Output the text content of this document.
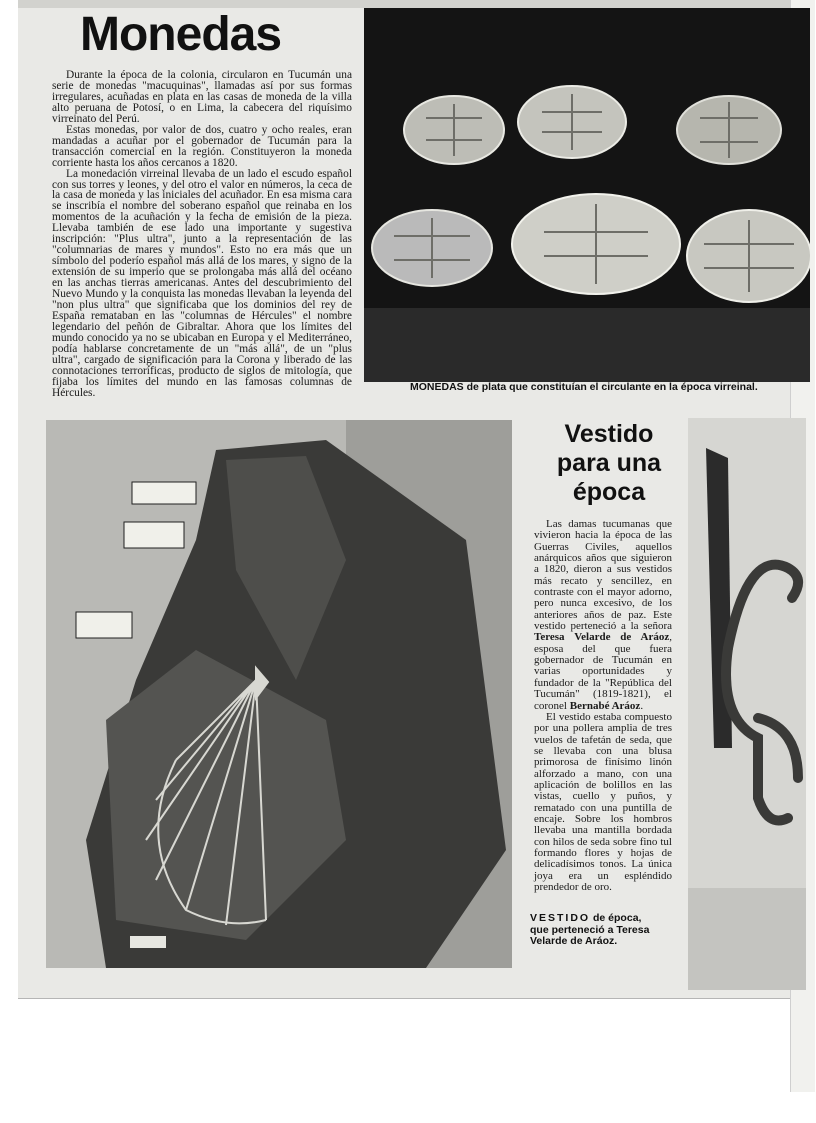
Monedas

Durante la época de la colonia, circularon en Tucumán una serie de monedas "macuquinas", llamadas así por sus formas irregulares, acuñadas en plata en las casas de moneda de la villa alto peruana de Potosí, o en Lima, la cabecera del riquísimo virreinato del Perú.

Estas monedas, por valor de dos, cuatro y ocho reales, eran mandadas a acuñar por el gobernador de Tucumán para la transacción comercial en la región. Constituyeron la moneda corriente hasta los años cercanos a 1820.

La monedación virreinal llevaba de un lado el escudo español con sus torres y leones, y del otro el valor en números, la ceca de la casa de moneda y las iniciales del acuñador. En esa misma cara se inscribía el nombre del soberano español que reinaba en los momentos de la acuñación y la fecha de emisión de la pieza. Llevaba también de ese lado una importante y sugestiva inscripción: "Plus ultra", junto a la representación de las "columnarias de mares y mundos". Esto no era más que un símbolo del poderío español más allá de los mares, y signo de la extensión de su imperio que se prolongaba más allá del océano en las anchas tierras americanas. Antes del descubrimiento del Nuevo Mundo y la conquista las monedas llevaban la leyenda del "non plus ultra" que significaba que los dominios del rey de España remataban en las "columnas de Hércules" el nombre legendario del peñón de Gibraltar. Ahora que los límites del mundo conocido ya no se ubicaban en Europa y el Mediterráneo, podía hablarse concretamente de un "más allá", de un "plus ultra", cargado de significación para la Corona y liberado de las connotaciones terroríficas, producto de siglos de mitología, que fijaba los límites del mundo en las famosas columnas de Hércules.	MONEDAS de plata que constituían el circulante en la época virreinal.
Vestido
para una
época

Las damas tucumanas que vivieron hacia la época de las Guerras Civiles, aquellos anárquicos años que siguieron a 1820, dieron a sus vestidos más recato y sencillez, en contraste con el mayor adorno, pero nunca excesivo, de los anteriores años de paz. Este vestido perteneció a la señora Teresa Velarde de Aráoz, esposa del que fuera gobernador de Tucumán en varias oportunidades y fundador de la "República del Tucumán" (1819-1821), el coronel Bernabé Aráoz.

El vestido estaba compuesto por una pollera amplia de tres vuelos de tafetán de seda, que se llevaba con una blusa primorosa de finísimo linón alforzado a mano, con una aplicación de bolillos en las vistas, cuello y puños, y rematado con una puntilla de encaje. Sobre los hombros llevaba una mantilla bordada con hilos de seda sobre fino tul formando flores y hojas de delicadísimos tonos. La única joya era un espléndido prendedor de oro.

VESTIDO de época, que perteneció a Teresa Velarde de Aráoz.
